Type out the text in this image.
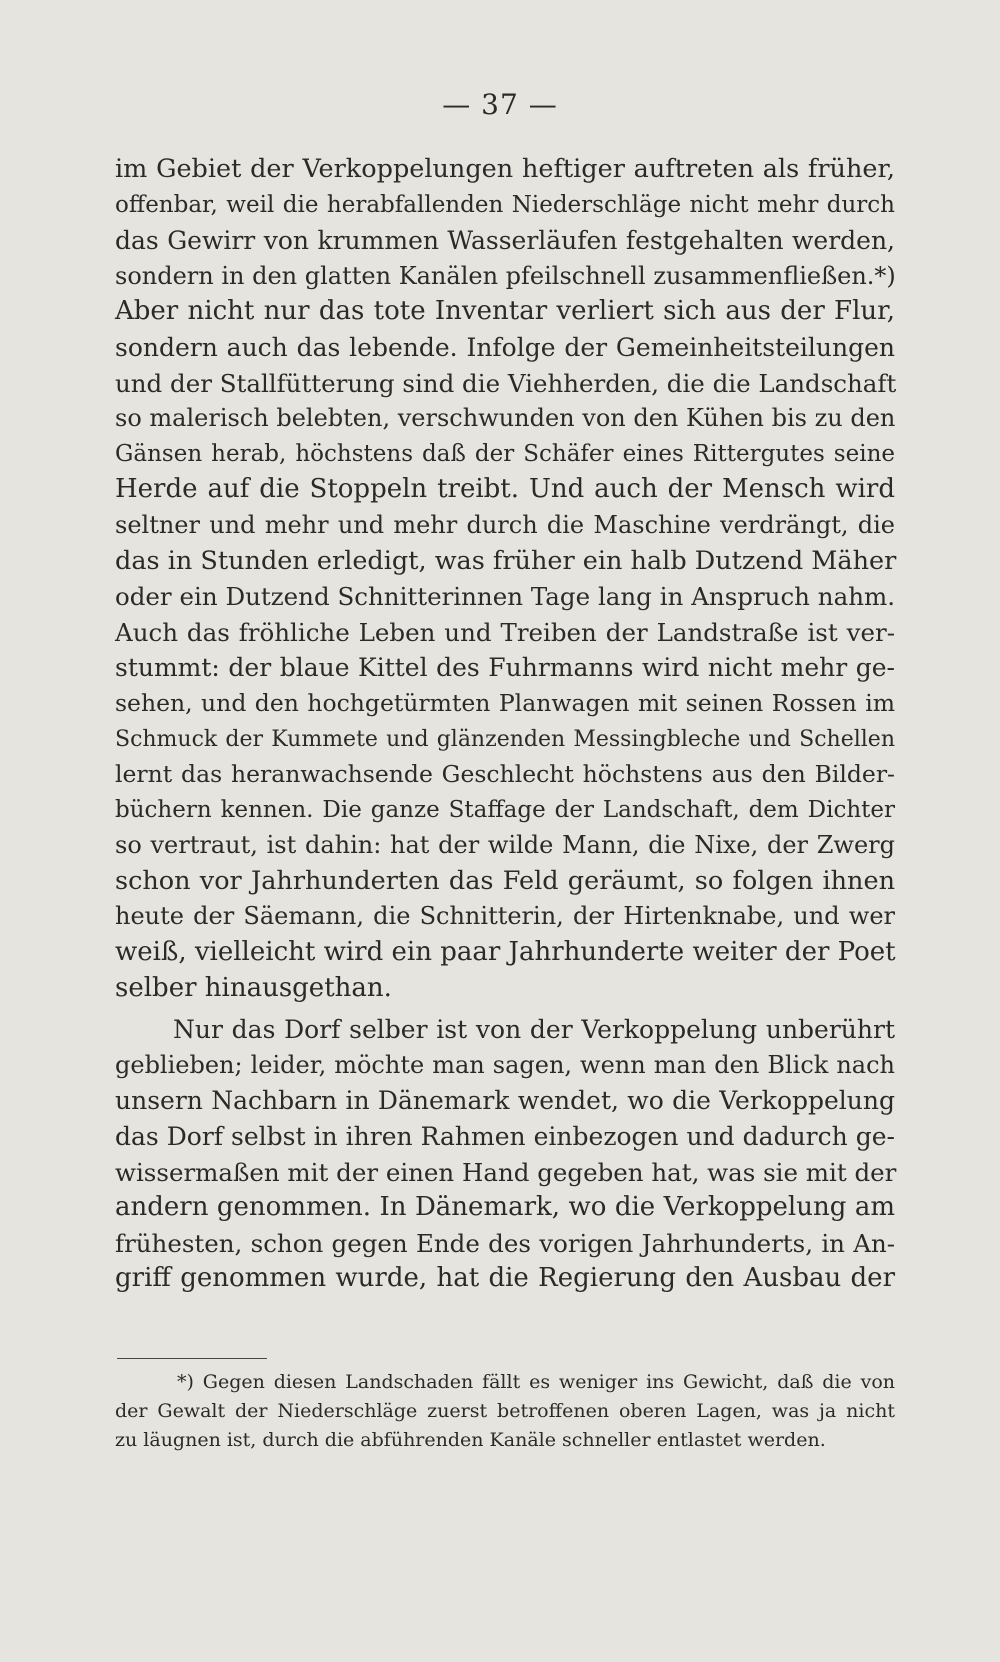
— 37 —
im Gebiet der Verkoppelungen heftiger auftreten als früher,
offenbar, weil die herabfallenden Niederschläge nicht mehr durch
das Gewirr von krummen Wasserläufen festgehalten werden,
sondern in den glatten Kanälen pfeilschnell zusammenfließen.*)
Aber nicht nur das tote Inventar verliert sich aus der Flur,
sondern auch das lebende. Infolge der Gemeinheitsteilungen
und der Stallfütterung sind die Viehherden, die die Landschaft
so malerisch belebten, verschwunden von den Kühen bis zu den
Gänsen herab, höchstens daß der Schäfer eines Rittergutes seine
Herde auf die Stoppeln treibt. Und auch der Mensch wird
seltner und mehr und mehr durch die Maschine verdrängt, die
das in Stunden erledigt, was früher ein halb Dutzend Mäher
oder ein Dutzend Schnitterinnen Tage lang in Anspruch nahm.
Auch das fröhliche Leben und Treiben der Landstraße ist ver-
stummt: der blaue Kittel des Fuhrmanns wird nicht mehr ge-
sehen, und den hochgetürmten Planwagen mit seinen Rossen im
Schmuck der Kummete und glänzenden Messingbleche und Schellen
lernt das heranwachsende Geschlecht höchstens aus den Bilder-
büchern kennen. Die ganze Staffage der Landschaft, dem Dichter
so vertraut, ist dahin: hat der wilde Mann, die Nixe, der Zwerg
schon vor Jahrhunderten das Feld geräumt, so folgen ihnen
heute der Säemann, die Schnitterin, der Hirtenknabe, und wer
weiß, vielleicht wird ein paar Jahrhunderte weiter der Poet
selber hinausgethan.
Nur das Dorf selber ist von der Verkoppelung unberührt
geblieben; leider, möchte man sagen, wenn man den Blick nach
unsern Nachbarn in Dänemark wendet, wo die Verkoppelung
das Dorf selbst in ihren Rahmen einbezogen und dadurch ge-
wissermaßen mit der einen Hand gegeben hat, was sie mit der
andern genommen. In Dänemark, wo die Verkoppelung am
frühesten, schon gegen Ende des vorigen Jahrhunderts, in An-
griff genommen wurde, hat die Regierung den Ausbau der
*) Gegen diesen Landschaden fällt es weniger ins Gewicht, daß die von
der Gewalt der Niederschläge zuerst betroffenen oberen Lagen, was ja nicht
zu läugnen ist, durch die abführenden Kanäle schneller entlastet werden.
